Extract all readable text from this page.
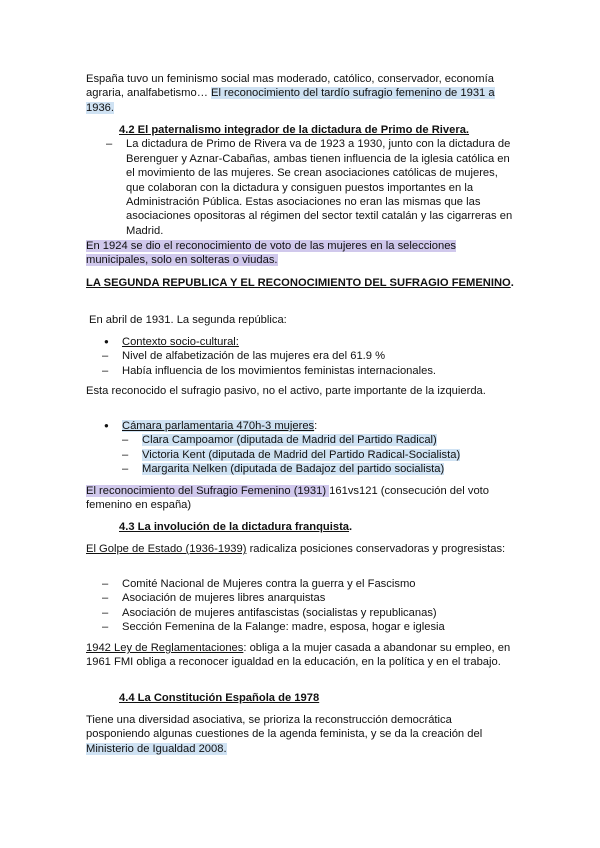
España tuvo un feminismo social mas moderado, católico, conservador, economía agraria, analfabetismo… El reconocimiento del tardío sufragio femenino de 1931 a 1936.

4.2 El paternalismo integrador de la dictadura de Primo de Rivera.
– La dictadura de Primo de Rivera va de 1923 a 1930, junto con la dictadura de Berenguer y Aznar-Cabañas, ambas tienen influencia de la iglesia católica en el movimiento de las mujeres. Se crean asociaciones católicas de mujeres, que colaboran con la dictadura y consiguen puestos importantes en la Administración Pública. Estas asociaciones no eran las mismas que las asociaciones opositoras al régimen del sector textil catalán y las cigarreras en Madrid.

En 1924 se dio el reconocimiento de voto de las mujeres en la selecciones municipales, solo en solteras o viudas.

LA SEGUNDA REPUBLICA Y EL RECONOCIMIENTO DEL SUFRAGIO FEMENINO.

En abril de 1931. La segunda república:

● Contexto socio-cultural:
– Nivel de alfabetización de las mujeres era del 61.9 %
– Había influencia de los movimientos feministas internacionales.

Esta reconocido el sufragio pasivo, no el activo, parte importante de la izquierda.

● Cámara parlamentaria 470h-3 mujeres:
– Clara Campoamor (diputada de Madrid del Partido Radical)
– Victoria Kent (diputada de Madrid del Partido Radical-Socialista)
– Margarita Nelken (diputada de Badajoz del partido socialista)

El reconocimiento del Sufragio Femenino (1931) 161vs121 (consecución del voto femenino en españa)

4.3 La involución de la dictadura franquista.

El Golpe de Estado (1936-1939) radicaliza posiciones conservadoras y progresistas:

– Comité Nacional de Mujeres contra la guerra y el Fascismo
– Asociación de mujeres libres anarquistas
– Asociación de mujeres antifascistas (socialistas y republicanas)
– Sección Femenina de la Falange: madre, esposa, hogar e iglesia

1942 Ley de Reglamentaciones: obliga a la mujer casada a abandonar su empleo, en 1961 FMI obliga a reconocer igualdad en la educación, en la política y en el trabajo.

4.4 La Constitución Española de 1978

Tiene una diversidad asociativa, se prioriza la reconstrucción democrática posponiendo algunas cuestiones de la agenda feminista, y se da la creación del Ministerio de Igualdad 2008.
